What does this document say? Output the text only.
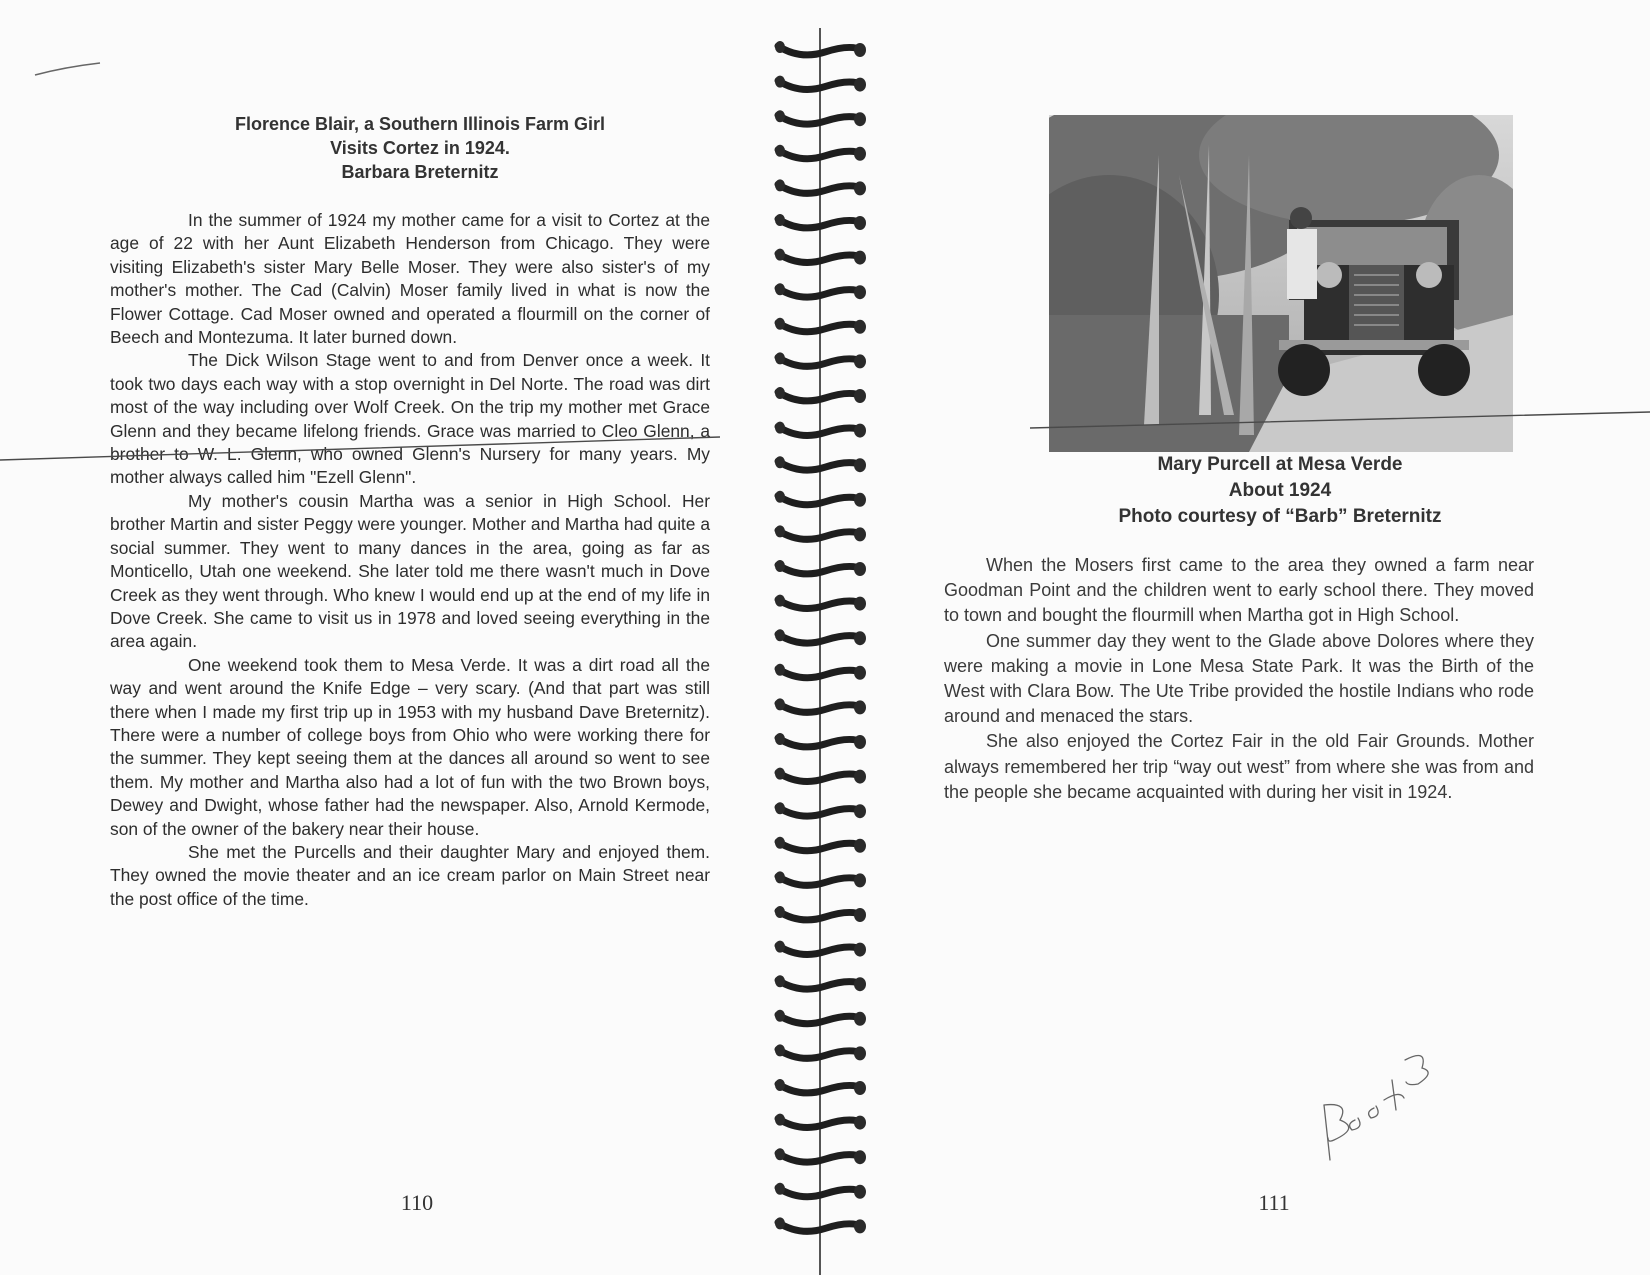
Florence Blair, a Southern Illinois Farm Girl
Visits Cortez in 1924.
Barbara Breternitz

In the summer of 1924 my mother came for a visit to Cortez at the age of 22 with her Aunt Elizabeth Henderson from Chicago. They were visiting Elizabeth's sister Mary Belle Moser. They were also sister's of my mother's mother. The Cad (Calvin) Moser family lived in what is now the Flower Cottage. Cad Moser owned and operated a flourmill on the corner of Beech and Montezuma. It later burned down.

The Dick Wilson Stage went to and from Denver once a week. It took two days each way with a stop overnight in Del Norte. The road was dirt most of the way including over Wolf Creek. On the trip my mother met Grace Glenn and they became lifelong friends. Grace was married to Cleo Glenn, a brother to W. L. Glenn, who owned Glenn's Nursery for many years. My mother always called him "Ezell Glenn".

My mother's cousin Martha was a senior in High School. Her brother Martin and sister Peggy were younger. Mother and Martha had quite a social summer. They went to many dances in the area, going as far as Monticello, Utah one weekend. She later told me there wasn't much in Dove Creek as they went through. Who knew I would end up at the end of my life in Dove Creek. She came to visit us in 1978 and loved seeing everything in the area again.

One weekend took them to Mesa Verde. It was a dirt road all the way and went around the Knife Edge – very scary. (And that part was still there when I made my first trip up in 1953 with my husband Dave Breternitz). There were a number of college boys from Ohio who were working there for the summer. They kept seeing them at the dances all around so went to see them. My mother and Martha also had a lot of fun with the two Brown boys, Dewey and Dwight, whose father had the newspaper. Also, Arnold Kermode, son of the owner of the bakery near their house.

She met the Purcells and their daughter Mary and enjoyed them. They owned the movie theater and an ice cream parlor on Main Street near the post office of the time.

110
Mary Purcell at Mesa Verde
About 1924
Photo courtesy of “Barb” Breternitz

When the Mosers first came to the area they owned a farm near Goodman Point and the children went to early school there. They moved to town and bought the flourmill when Martha got in High School.

One summer day they went to the Glade above Dolores where they were making a movie in Lone Mesa State Park. It was the Birth of the West with Clara Bow. The Ute Tribe provided the hostile Indians who rode around and menaced the stars.

She also enjoyed the Cortez Fair in the old Fair Grounds. Mother always remembered her trip “way out west” from where she was from and the people she became acquainted with during her visit in 1924.

111
